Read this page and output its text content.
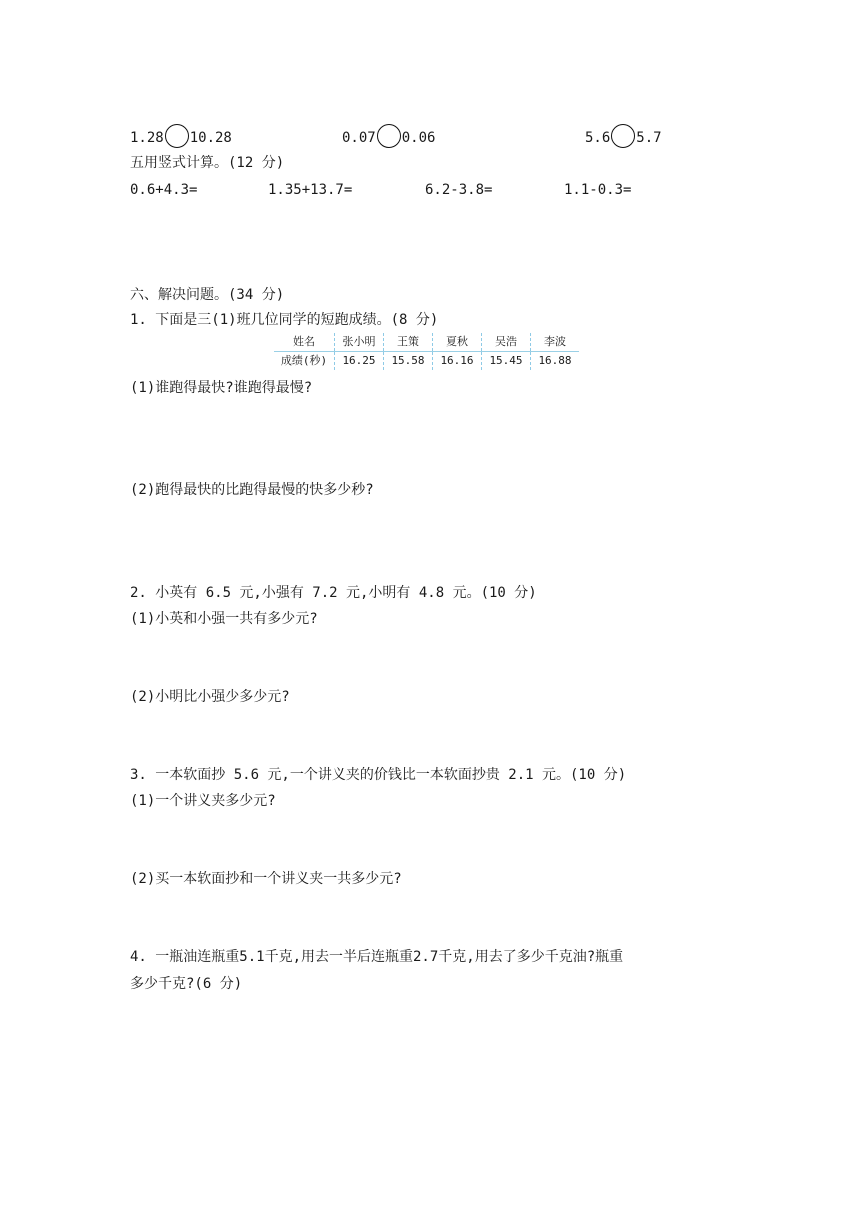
1.28 10.28	0.07 0.06	5.6 5.7
五用竖式计算。(12 分)
0.6+4.3=	1.35+13.7=	6.2-3.8=	1.1-0.3=
六、解决问题。(34 分)
1. 下面是三(1)班几位同学的短跑成绩。(8 分)
姓名	张小明	王策	夏秋	吴浩	李波
成绩(秒)	16.25	15.58	16.16	15.45	16.88
(1)谁跑得最快?谁跑得最慢?
(2)跑得最快的比跑得最慢的快多少秒?
2. 小英有 6.5 元,小强有 7.2 元,小明有 4.8 元。(10 分)
(1)小英和小强一共有多少元?
(2)小明比小强少多少元?
3. 一本软面抄 5.6 元,一个讲义夹的价钱比一本软面抄贵 2.1 元。(10 分)
(1)一个讲义夹多少元?
(2)买一本软面抄和一个讲义夹一共多少元?
4. 一瓶油连瓶重5.1千克,用去一半后连瓶重2.7千克,用去了多少千克油?瓶重
多少千克?(6 分)
